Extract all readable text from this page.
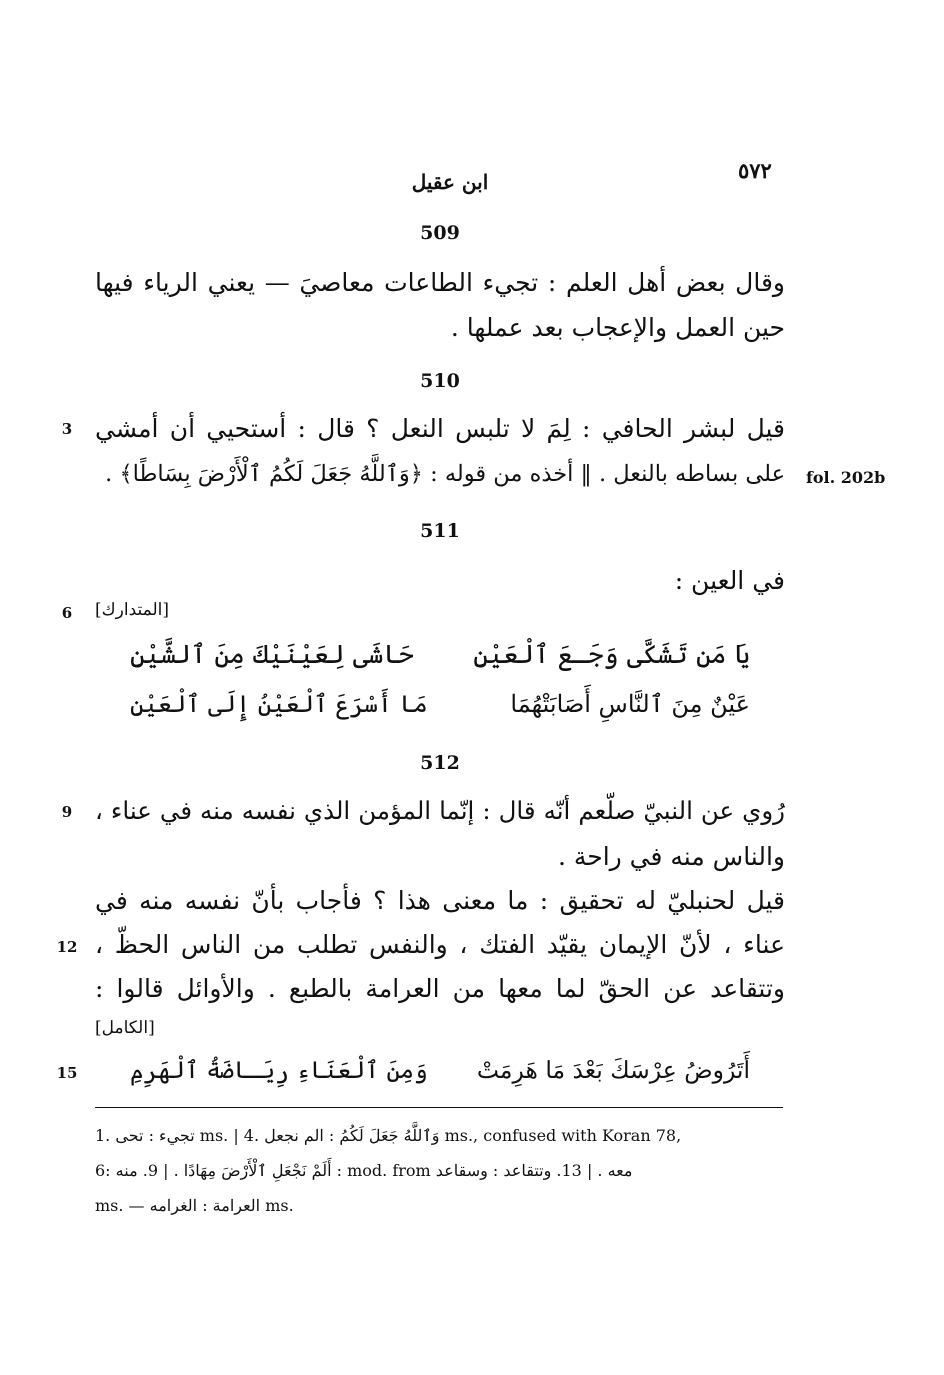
٥٧٢
ابن عقيل
509
وقال بعض أهل العلم : تجيء الطاعات معاصيَ — يعني الرياء فيها
حين العمل والإعجاب بعد عملها .
510
3 قيل لبشر الحافي : لِمَ لا تلبس النعل ؟ قال : أستحيي أن أمشي
على بساطه بالنعل . ‖ أخذه من قوله : ﴿وَٱللَّهُ جَعَلَ لَكُمُ ٱلْأَرْضَ بِسَاطًا﴾ . fol. 202b
511
في العين :
6	[المتدارك]
يَا مَن تَشَكَّى وَجَـعَ ٱلْعَيْنِ
حَاشَى لِعَيْنَيْكَ مِنَ ٱلشَّيْنِ
عَيْنٌ مِنَ ٱلنَّاسِ أَصَابَتْهُمَا
مَا أَسْرَعَ ٱلْعَيْنُ إِلَى ٱلْعَيْنِ
512
9 رُوي عن النبيّ صلّعم أنّه قال : إنّما المؤمن الذي نفسه منه في عناء ،
والناس منه في راحة .
قيل لحنبليّ له تحقيق : ما معنى هذا ؟ فأجاب بأنّ نفسه منه في
12 عناء ، لأنّ الإيمان يقيّد الفتك ، والنفس تطلب من الناس الحظّ ،
وتتقاعد عن الحقّ لما معها من العرامة بالطبع . والأوائل قالوا :
[الكامل]
15	أَتَرُوضُ عِرْسَكَ بَعْدَ مَا هَرِمَتْ
وَمِنَ ٱلْعَنَاءِ رِيَـاضَةُ ٱلْهَرِمِ
1. تجيء : تحى ms. | 4. وَٱللَّهُ جَعَلَ لَكُمُ : الم نجعل ms., confused with Koran 78,
6: أَلَمْ نَجْعَلِ ٱلْأَرْضَ مِهَادًا . | 9. منه : mod. from معه . | 13. وتتقاعد : وسقاعد
ms. — العرامة : الغرامه ms.
